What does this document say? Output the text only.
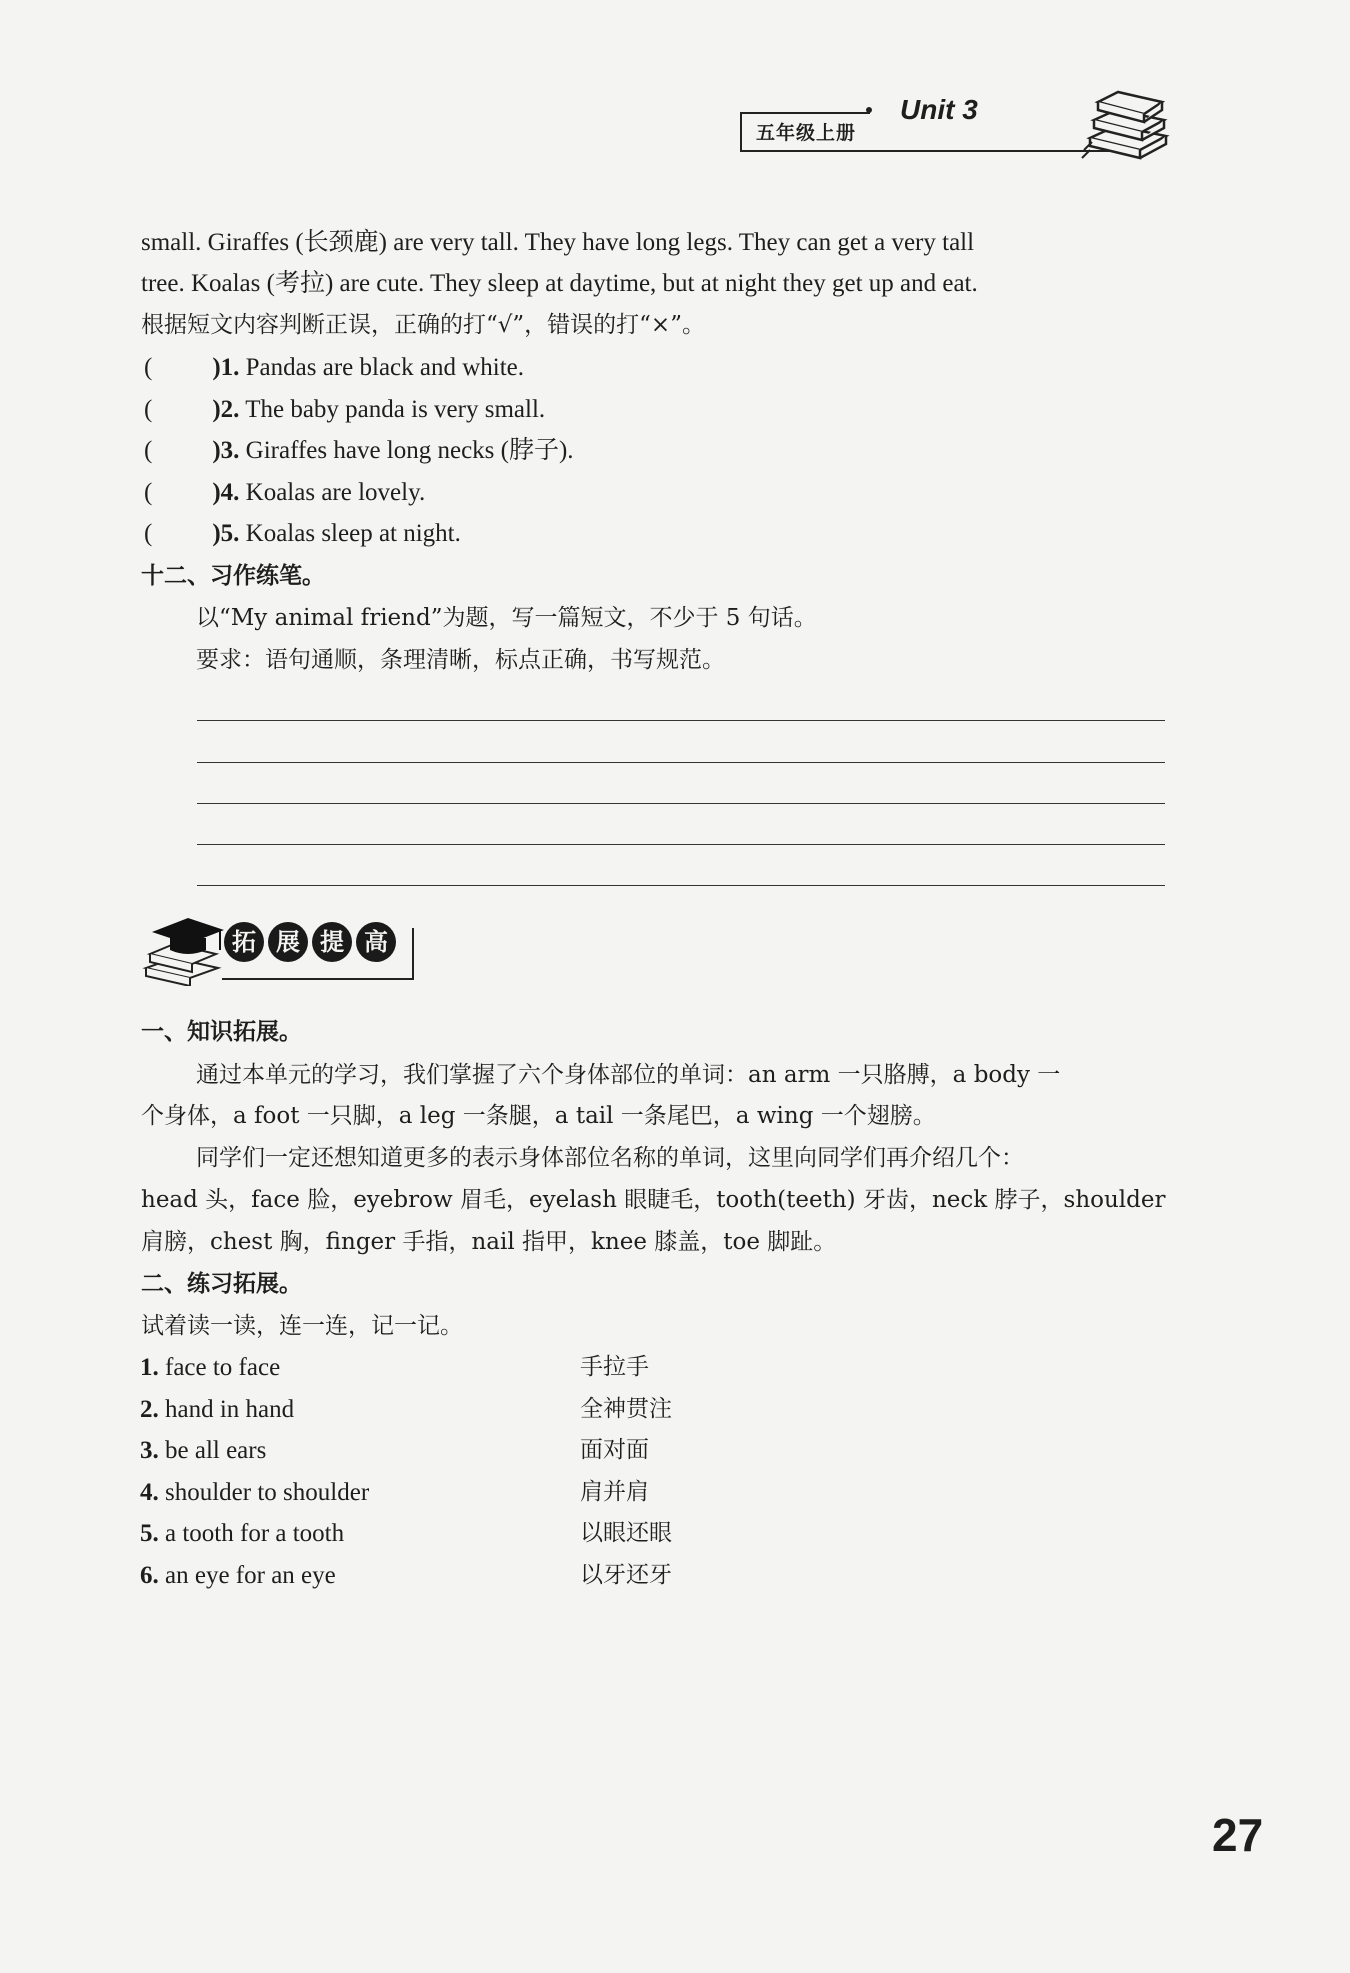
五年级上册
Unit 3
small. Giraffes (长颈鹿) are very tall. They have long legs. They can get a very tall
tree. Koalas (考拉) are cute. They sleep at daytime, but at night they get up and eat.
根据短文内容判断正误，正确的打“√”，错误的打“×”。
( )1. Pandas are black and white.
( )2. The baby panda is very small.
( )3. Giraffes have long necks (脖子).
( )4. Koalas are lovely.
( )5. Koalas sleep at night.
十二、习作练笔。
以“My animal friend”为题，写一篇短文，不少于 5 句话。
要求：语句通顺，条理清晰，标点正确，书写规范。
拓 展 提 高
一、知识拓展。
通过本单元的学习，我们掌握了六个身体部位的单词：an arm 一只胳膊，a body 一
个身体，a foot 一只脚，a leg 一条腿，a tail 一条尾巴，a wing 一个翅膀。
同学们一定还想知道更多的表示身体部位名称的单词，这里向同学们再介绍几个：
head 头，face 脸，eyebrow 眉毛，eyelash 眼睫毛，tooth(teeth) 牙齿，neck 脖子，shoulder
肩膀，chest 胸，finger 手指，nail 指甲，knee 膝盖，toe 脚趾。
二、练习拓展。
试着读一读，连一连，记一记。
1. face to face
2. hand in hand
3. be all ears
4. shoulder to shoulder
5. a tooth for a tooth
6. an eye for an eye
手拉手
全神贯注
面对面
肩并肩
以眼还眼
以牙还牙
27
